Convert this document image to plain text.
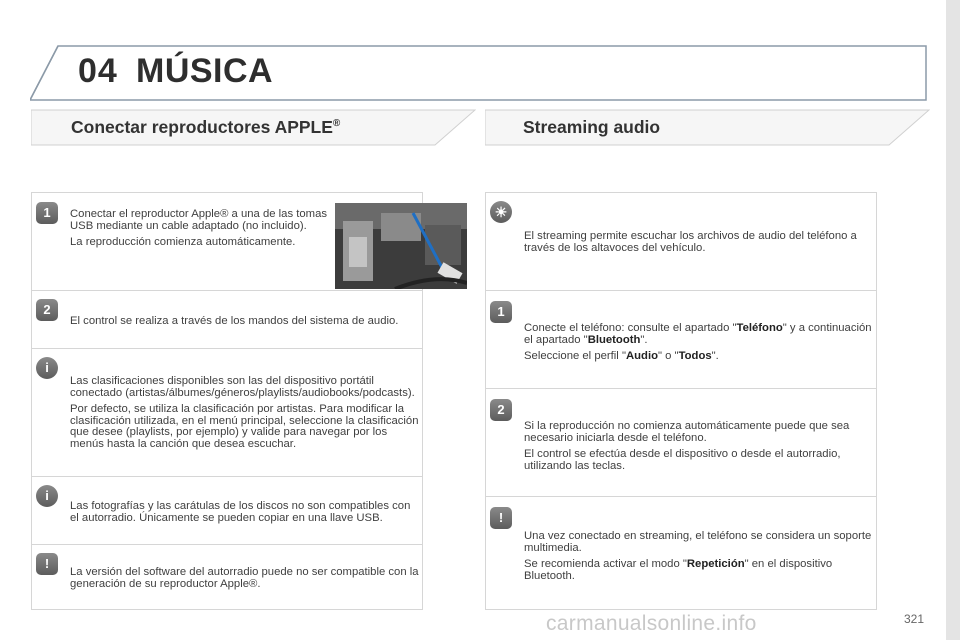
04 MÚSICA
Conectar reproductores APPLE®	Streaming audio
1	Conectar el reproductor Apple® a una de las tomas USB mediante un cable adaptado (no incluido).

La reproducción comienza automáticamente.

2

El control se realiza a través de los mandos del sistema de audio.

i

Las clasificaciones disponibles son las del dispositivo portátil conectado (artistas/álbumes/géneros/playlists/audiobooks/podcasts).

Por defecto, se utiliza la clasificación por artistas. Para modificar la clasificación utilizada, en el menú principal, seleccione la clasificación que desee (playlists, por ejemplo) y valide para navegar por los menús hasta la canción que desea escuchar.

i

Las fotografías y las carátulas de los discos no son compatibles con el autorradio. Únicamente se pueden copiar en una llave USB.

!

La versión del software del autorradio puede no ser compatible con la generación de su reproductor Apple®.

☀

El streaming permite escuchar los archivos de audio del teléfono a través de los altavoces del vehículo.

1

Conecte el teléfono: consulte el apartado "Teléfono" y a continuación el apartado "Bluetooth".

Seleccione el perfil "Audio" o "Todos".

2

Si la reproducción no comienza automáticamente puede que sea necesario iniciarla desde el teléfono.

El control se efectúa desde el dispositivo o desde el autorradio, utilizando las teclas.

!

Una vez conectado en streaming, el teléfono se considera un soporte multimedia.

Se recomienda activar el modo "Repetición" en el dispositivo Bluetooth.

carmanualsonline.info	321
